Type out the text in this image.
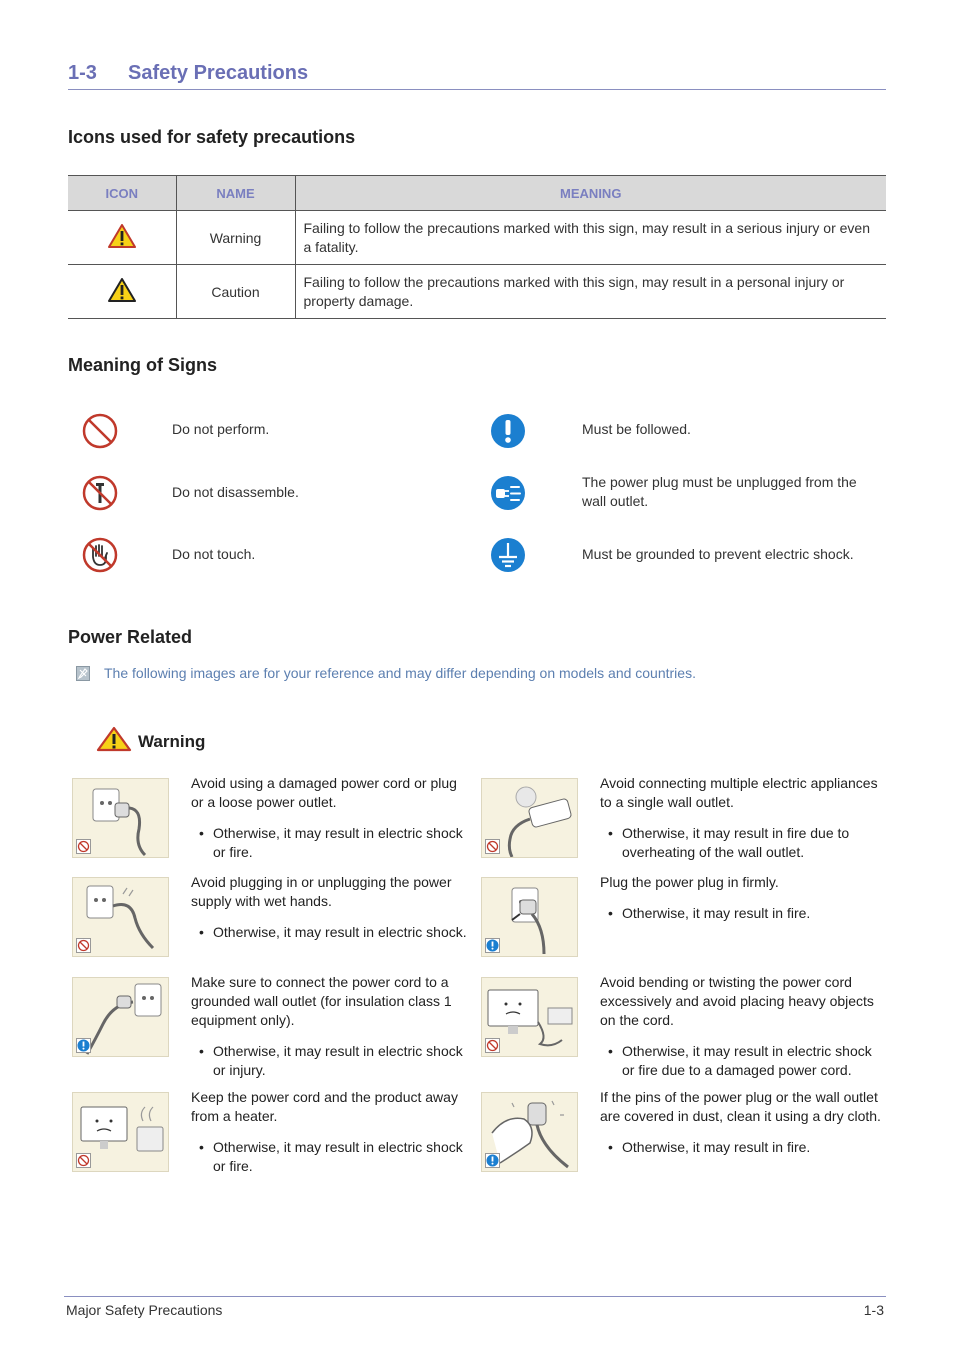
1-3 Safety Precautions
Icons used for safety precautions
ICON	NAME	MEANING
	Warning	Failing to follow the precautions marked with this sign, may result in a serious injury or even a fatality.
	Caution	Failing to follow the precautions marked with this sign, may result in a personal injury or property damage.
Meaning of Signs
Do not perform.
Do not disassemble.
Do not touch.
Must be followed.
The power plug must be unplugged from the wall outlet.
Must be grounded to prevent electric shock.
Power Related
The following images are for your reference and may differ depending on models and countries.
Warning

Avoid using a damaged power cord or plug or a loose power outlet.

• Otherwise, it may result in electric shock or fire.

Avoid plugging in or unplugging the power supply with wet hands.

• Otherwise, it may result in electric shock.

Make sure to connect the power cord to a grounded wall outlet (for insulation class 1 equipment only).

• Otherwise, it may result in electric shock or injury.

Keep the power cord and the product away from a heater.

• Otherwise, it may result in electric shock or fire.

Avoid connecting multiple electric appliances to a single wall outlet.

• Otherwise, it may result in fire due to overheating of the wall outlet.

Plug the power plug in firmly.

• Otherwise, it may result in fire.

Avoid bending or twisting the power cord excessively and avoid placing heavy objects on the cord.

• Otherwise, it may result in electric shock or fire due to a damaged power cord.

If the pins of the power plug or the wall outlet are covered in dust, clean it using a dry cloth.

• Otherwise, it may result in fire.

Major Safety Precautions	1-3
